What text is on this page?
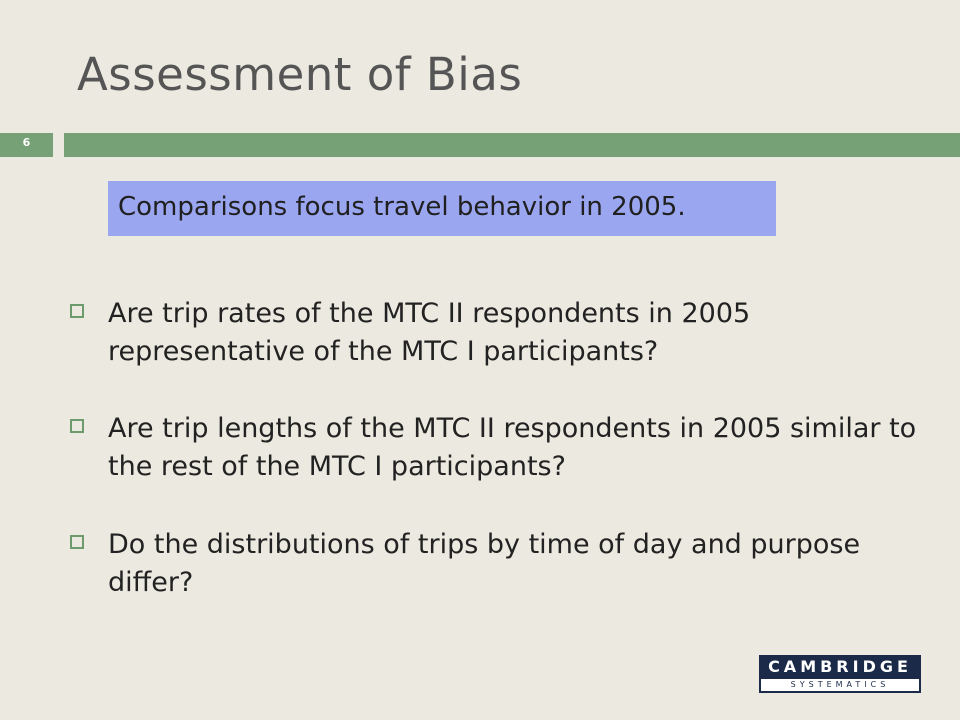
Assessment of Bias
6
Comparisons focus travel behavior in 2005.
Are trip rates of the MTC II respondents in 2005 representative of the MTC I participants?
Are trip lengths of the MTC II respondents in 2005 similar to the rest of the MTC I participants?
Do the distributions of trips by time of day and purpose differ?
CAMBRIDGE
SYSTEMATICS
